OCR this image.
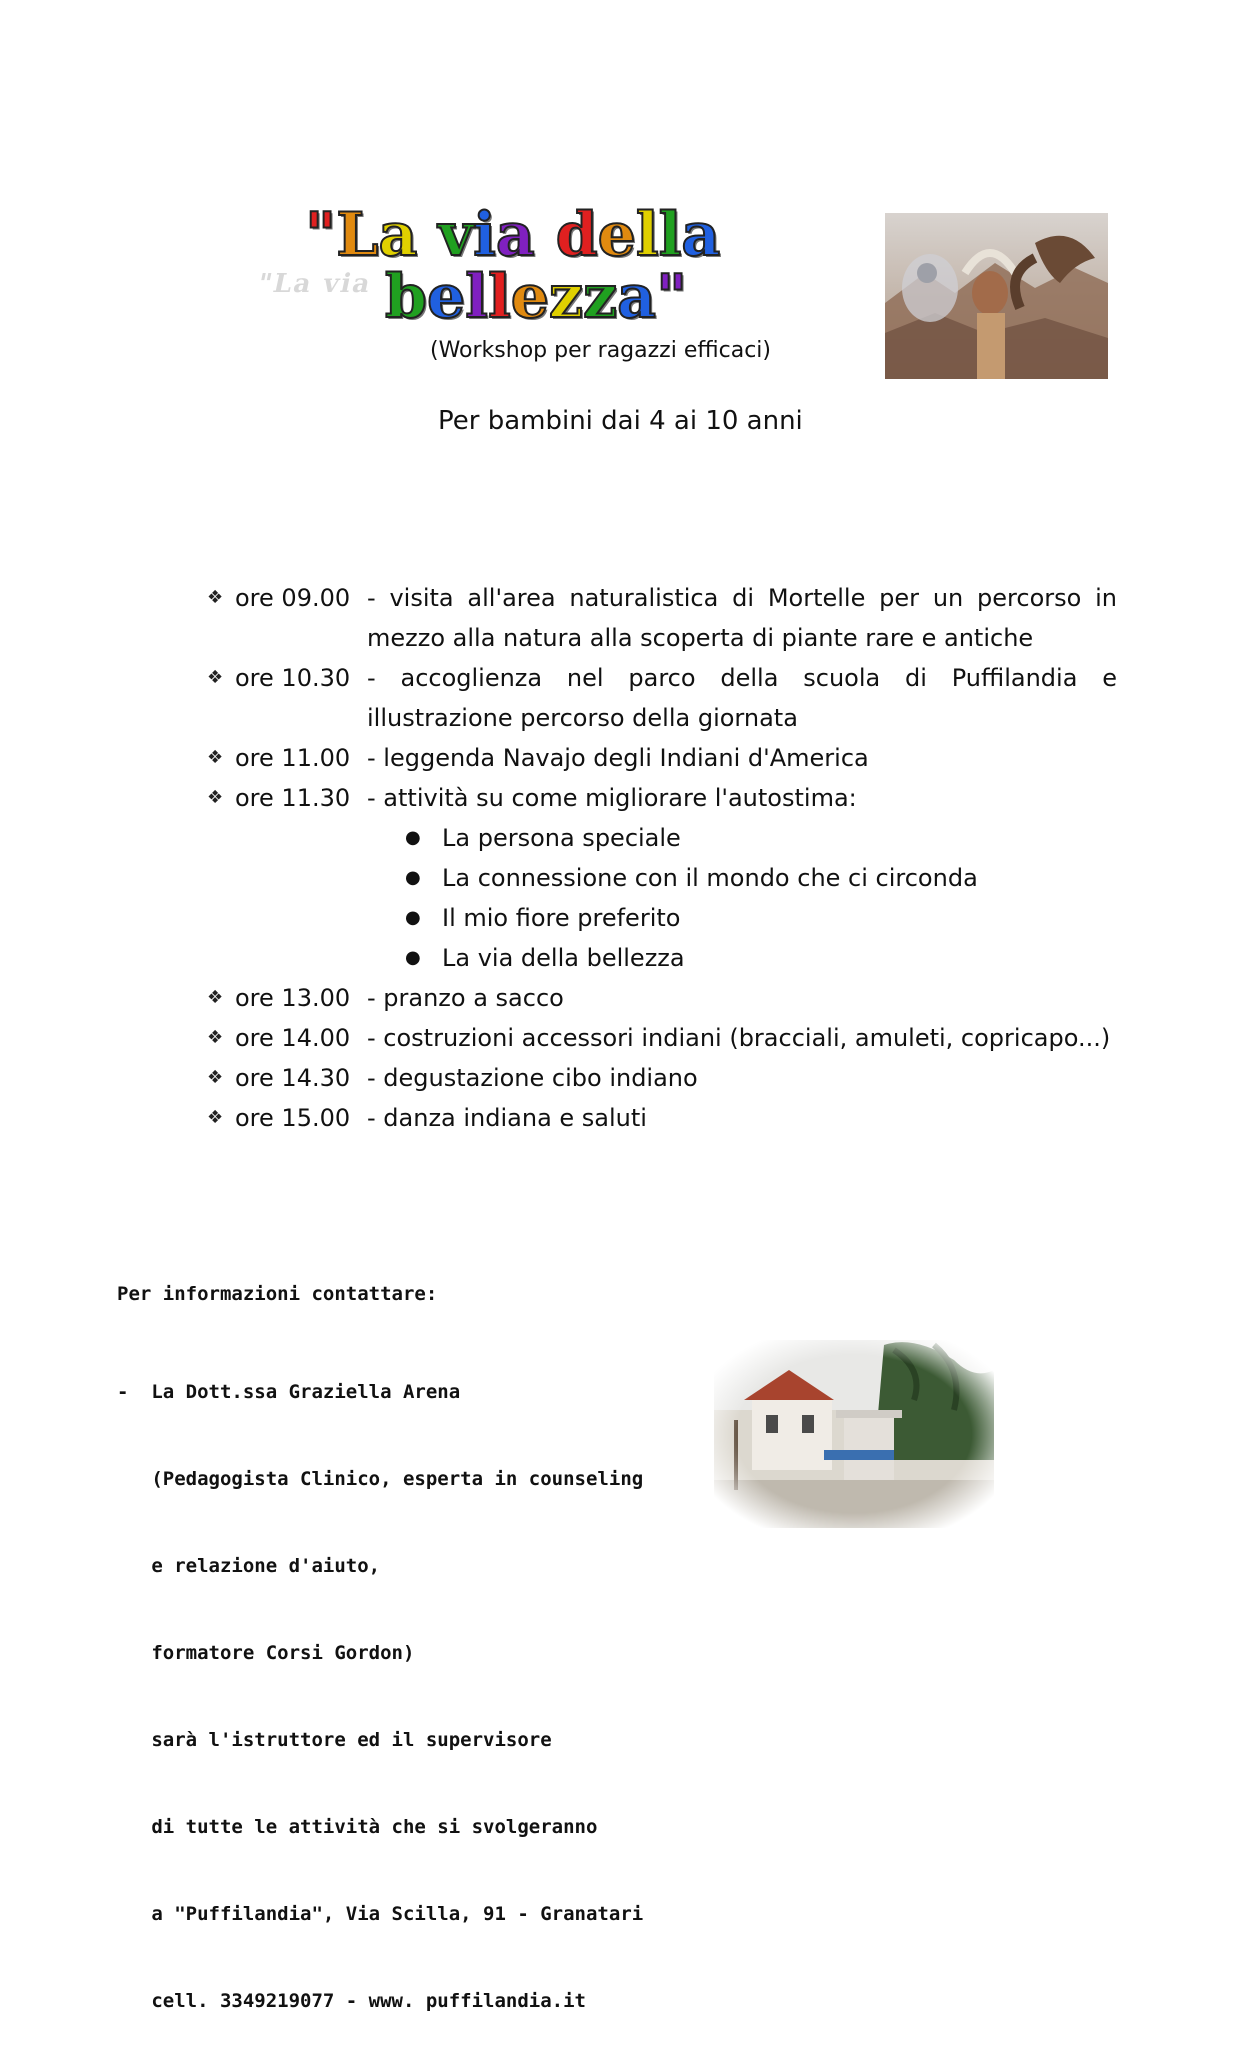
"La via
"La via della
bellezza"
(Workshop per ragazzi efficaci)
Per bambini dai 4 ai 10 anni
❖ ore 09.00 - visita all'area naturalistica di Mortelle per un percorso in mezzo alla natura alla scoperta di piante rare e antiche
❖ ore 10.30 - accoglienza nel parco della scuola di Puffilandia e illustrazione percorso della giornata
❖ ore 11.00 - leggenda Navajo degli Indiani d'America
❖ ore 11.30 - attività su come migliorare l'autostima:
● La persona speciale
● La connessione con il mondo che ci circonda
● Il mio fiore preferito
● La via della bellezza
❖ ore 13.00 - pranzo a sacco
❖ ore 14.00 - costruzioni accessori indiani (bracciali, amuleti, copricapo...)
❖ ore 14.30 - degustazione cibo indiano
❖ ore 15.00 - danza indiana e saluti
Per informazioni contattare:

-  La Dott.ssa Graziella Arena

(Pedagogista Clinico, esperta in counseling

e relazione d'aiuto,

formatore Corsi Gordon)

sarà l'istruttore ed il supervisore

di tutte le attività che si svolgeranno

a "Puffilandia", Via Scilla, 91 - Granatari

cell. 3349219077 - www. puffilandia.it
